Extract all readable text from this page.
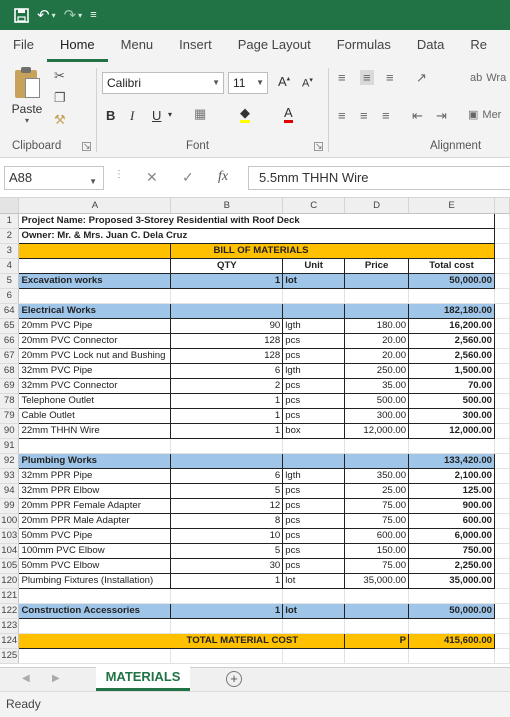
↶ ▾ ↷ ▾ ≡
File	Home	Menu	Insert	Page Layout	Formulas	Data	Re
Paste
▾
✂
❐
⚒
Clipboard ↘
Calibri	▼	11 ▼ A▴ A▾
B I U ▾ ▦	◆	A
Font	↘
≡ ≡ ≡ ↗	ab Wra
≡ ≡ ≡ ⇤ ⇥ ▣ Mer
Alignment
A88	▼
⋮ ✕ ✓ fx	5.5mm THHN Wire
	A	B	C	D	E	
1	Project Name: Proposed 3-Storey Residential with Roof Deck					
2	Owner: Mr. & Mrs. Juan C. Dela Cruz					
3		BILL OF MATERIALS				
4		QTY	Unit	Price	Total cost	
5	Excavation works	1	lot		50,000.00	
6						
64	Electrical Works				182,180.00	
65	20mm PVC Pipe	90	lgth	180.00	16,200.00	
66	20mm PVC Connector	128	pcs	20.00	2,560.00	
67	20mm PVC Lock nut and Bushing	128	pcs	20.00	2,560.00	
68	32mm PVC Pipe	6	lgth	250.00	1,500.00	
69	32mm PVC Connector	2	pcs	35.00	70.00	
78	Telephone Outlet	1	pcs	500.00	500.00	
79	Cable Outlet	1	pcs	300.00	300.00	
90	22mm THHN Wire	1	box	12,000.00	12,000.00	
91						
92	Plumbing Works				133,420.00	
93	32mm PPR Pipe	6	lgth	350.00	2,100.00	
94	32mm PPR Elbow	5	pcs	25.00	125.00	
99	20mm PPR Female Adapter	12	pcs	75.00	900.00	
100	20mm PPR Male Adapter	8	pcs	75.00	600.00	
103	50mm PVC Pipe	10	pcs	600.00	6,000.00	
104	100mm PVC Elbow	5	pcs	150.00	750.00	
105	50mm PVC Elbow	30	pcs	75.00	2,250.00	
120	Plumbing Fixtures (Installation)	1	lot	35,000.00	35,000.00	
121						
122	Construction Accessories	1	lot		50,000.00	
123						
124	TOTAL MATERIAL COST			P	415,600.00	
125						
◀ ▶	MATERIALS	+
Ready
